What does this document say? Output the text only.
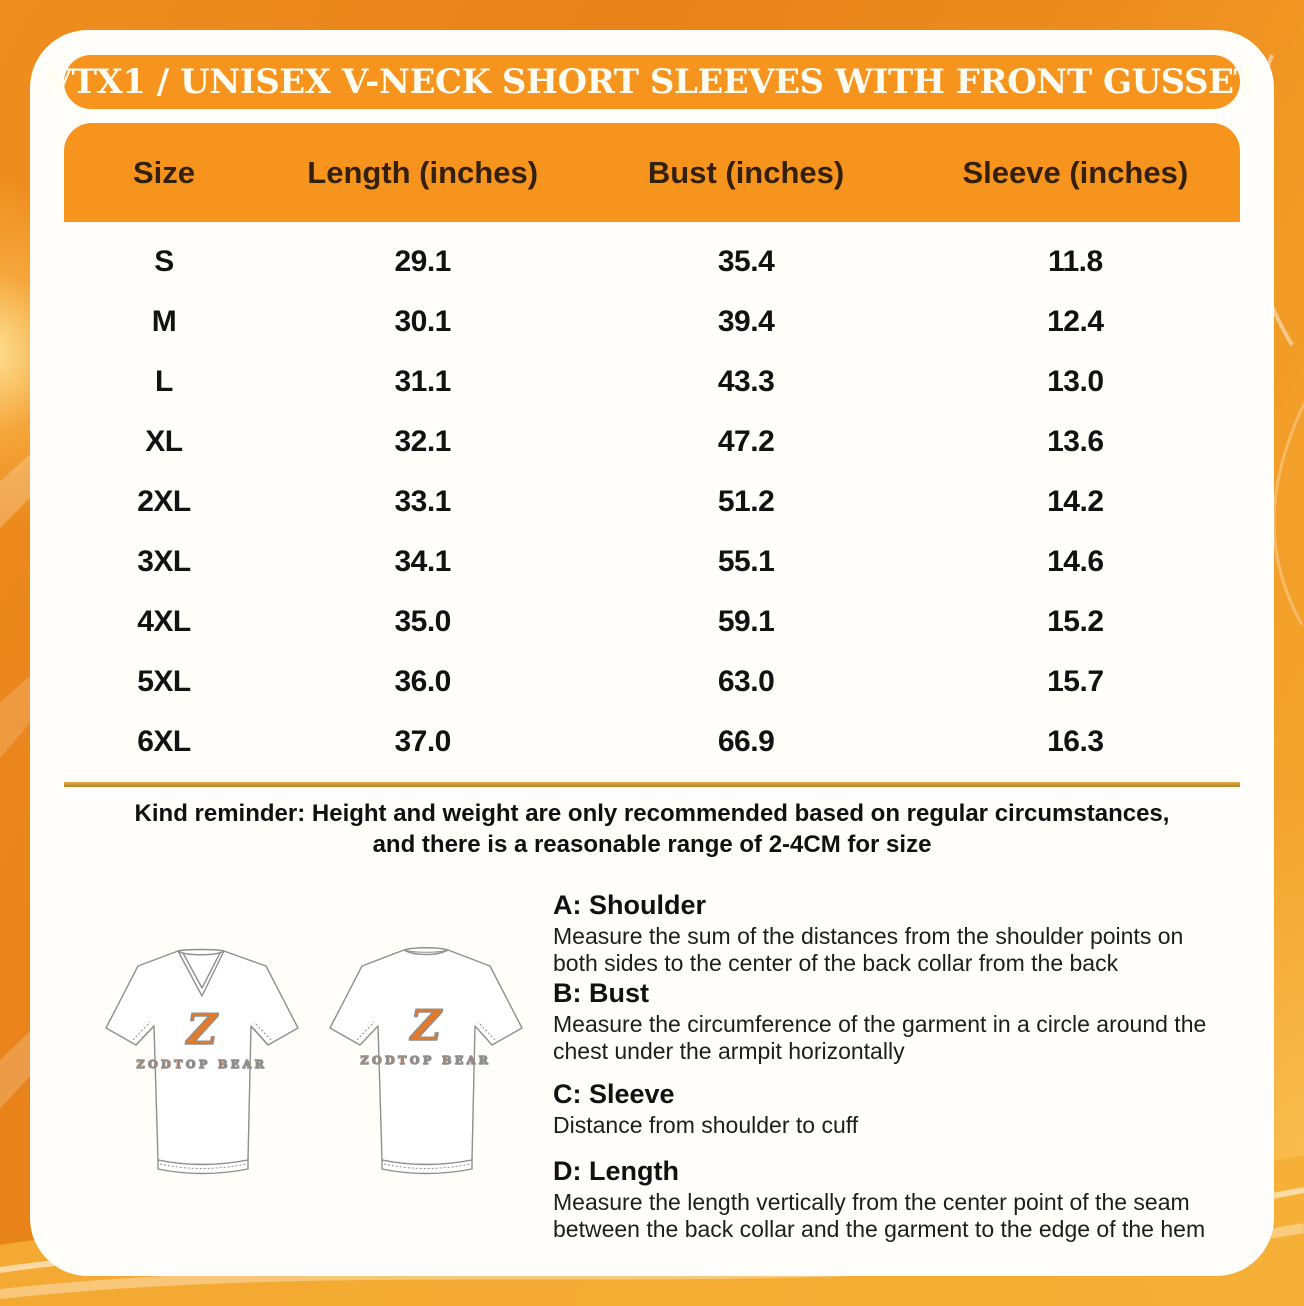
VTX1 / UNISEX V-NECK SHORT SLEEVES WITH FRONT GUSSET
Size	Length (inches)	Bust (inches)	Sleeve (inches)
S	29.1	35.4	11.8
M	30.1	39.4	12.4
L	31.1	43.3	13.0
XL	32.1	47.2	13.6
2XL	33.1	51.2	14.2
3XL	34.1	55.1	14.6
4XL	35.0	59.1	15.2
5XL	36.0	63.0	15.7
6XL	37.0	66.9	16.3
Kind reminder: Height and weight are only recommended based on regular circumstances,
and there is a reasonable range of 2-4CM for size
Z
ZODTOP BEAR
Z
ZODTOP BEAR
A: Shoulder
Measure the sum of the distances from the shoulder points on both sides to the center of the back collar from the back
B: Bust
Measure the circumference of the garment in a circle around the chest under the armpit horizontally
C: Sleeve
Distance from shoulder to cuff
D: Length
Measure the length vertically from the center point of the seam between the back collar and the garment to the edge of the hem
